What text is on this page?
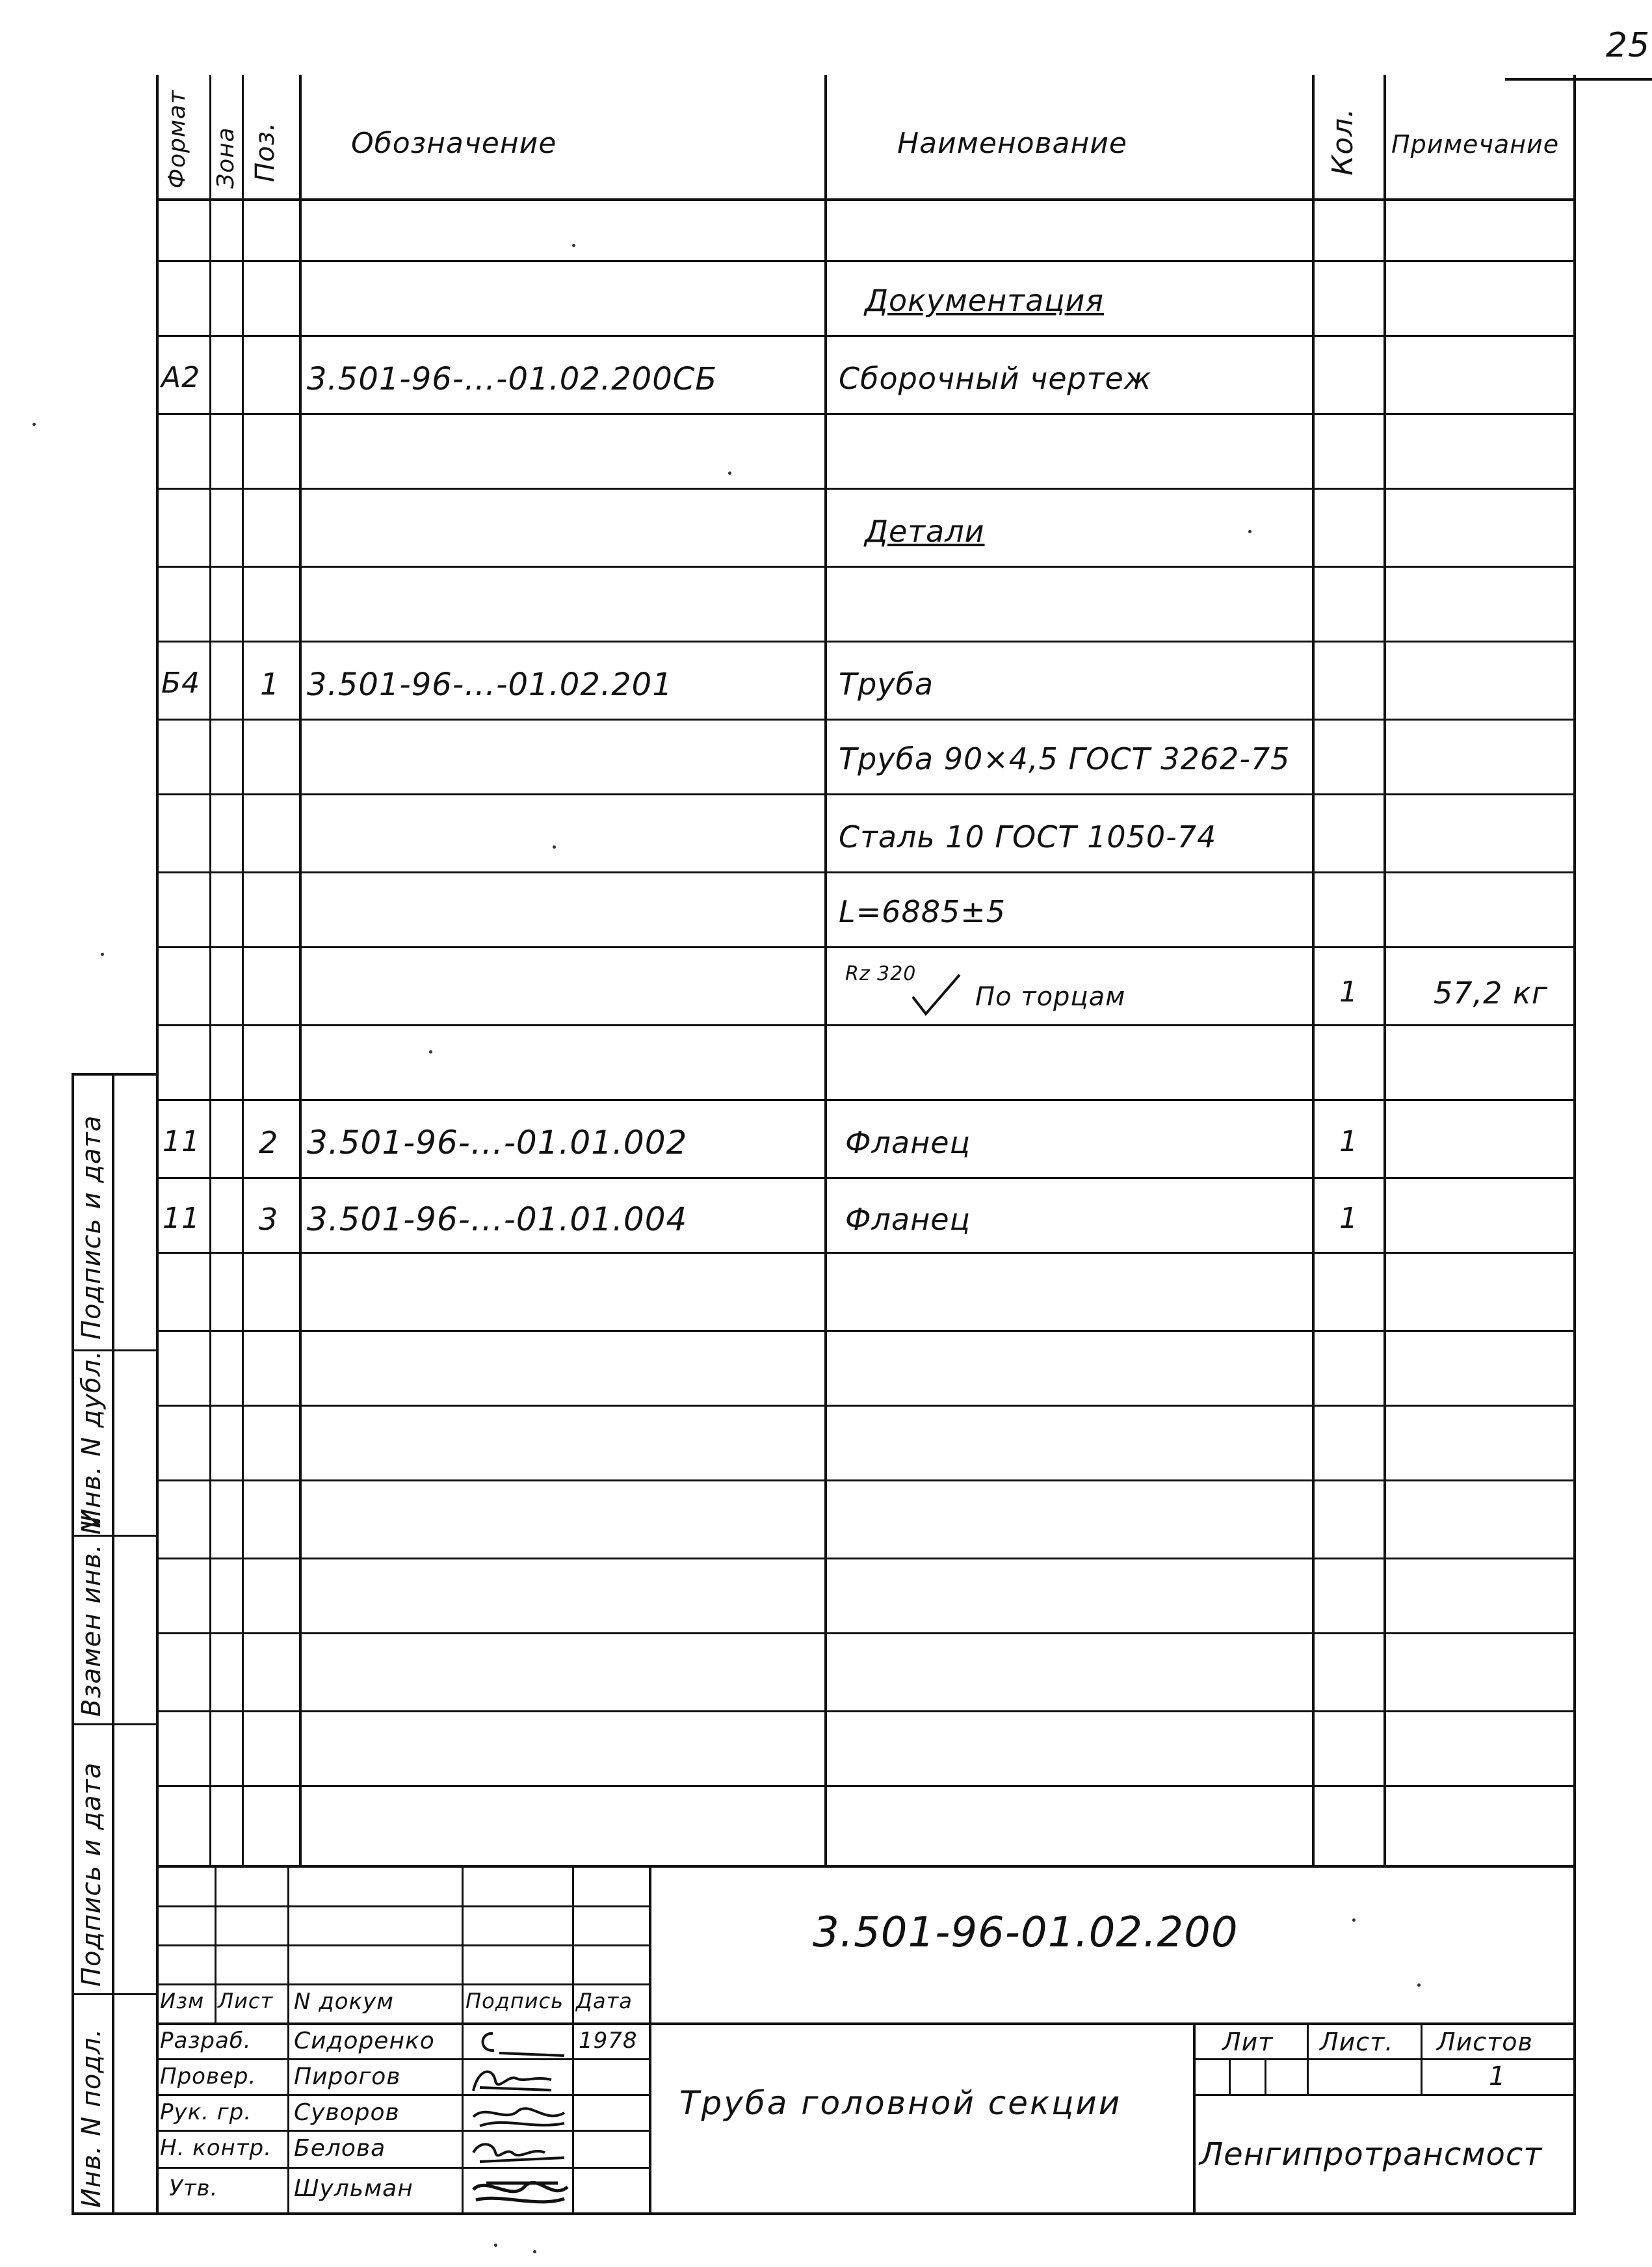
25
Формат Зона Поз. Обозначение	Наименование	Кол. Примечание
Документация
А2	3.501-96-…-01.02.200СБ	Сборочный чертеж
Детали
Б4 1 3.501-96-…-01.02.201	Труба
Труба 90×4,5 ГОСТ 3262-75
Сталь 10 ГОСТ 1050-74
L=6885±5
Rz 320
По торцам	1	57,2 кг
11 2 3.501-96-…-01.01.002	Фланец	1
11 3 3.501-96-…-01.01.004	Фланец	1
Подпись и дата
Инв. N дубл.
Взамен инв. N
Подпись и дата
Инв. N подл.
3.501-96-01.02.200
Труба головной секции
Ленгипротрансмост
Лит Лист. Листов
1
Изм Лист N докум	Подпись Дата
Разраб. Сидоренко	1978
Провер. Пирогов
Рук. гр. Суворов
Н. контр. Белова
Утв.	Шульман
